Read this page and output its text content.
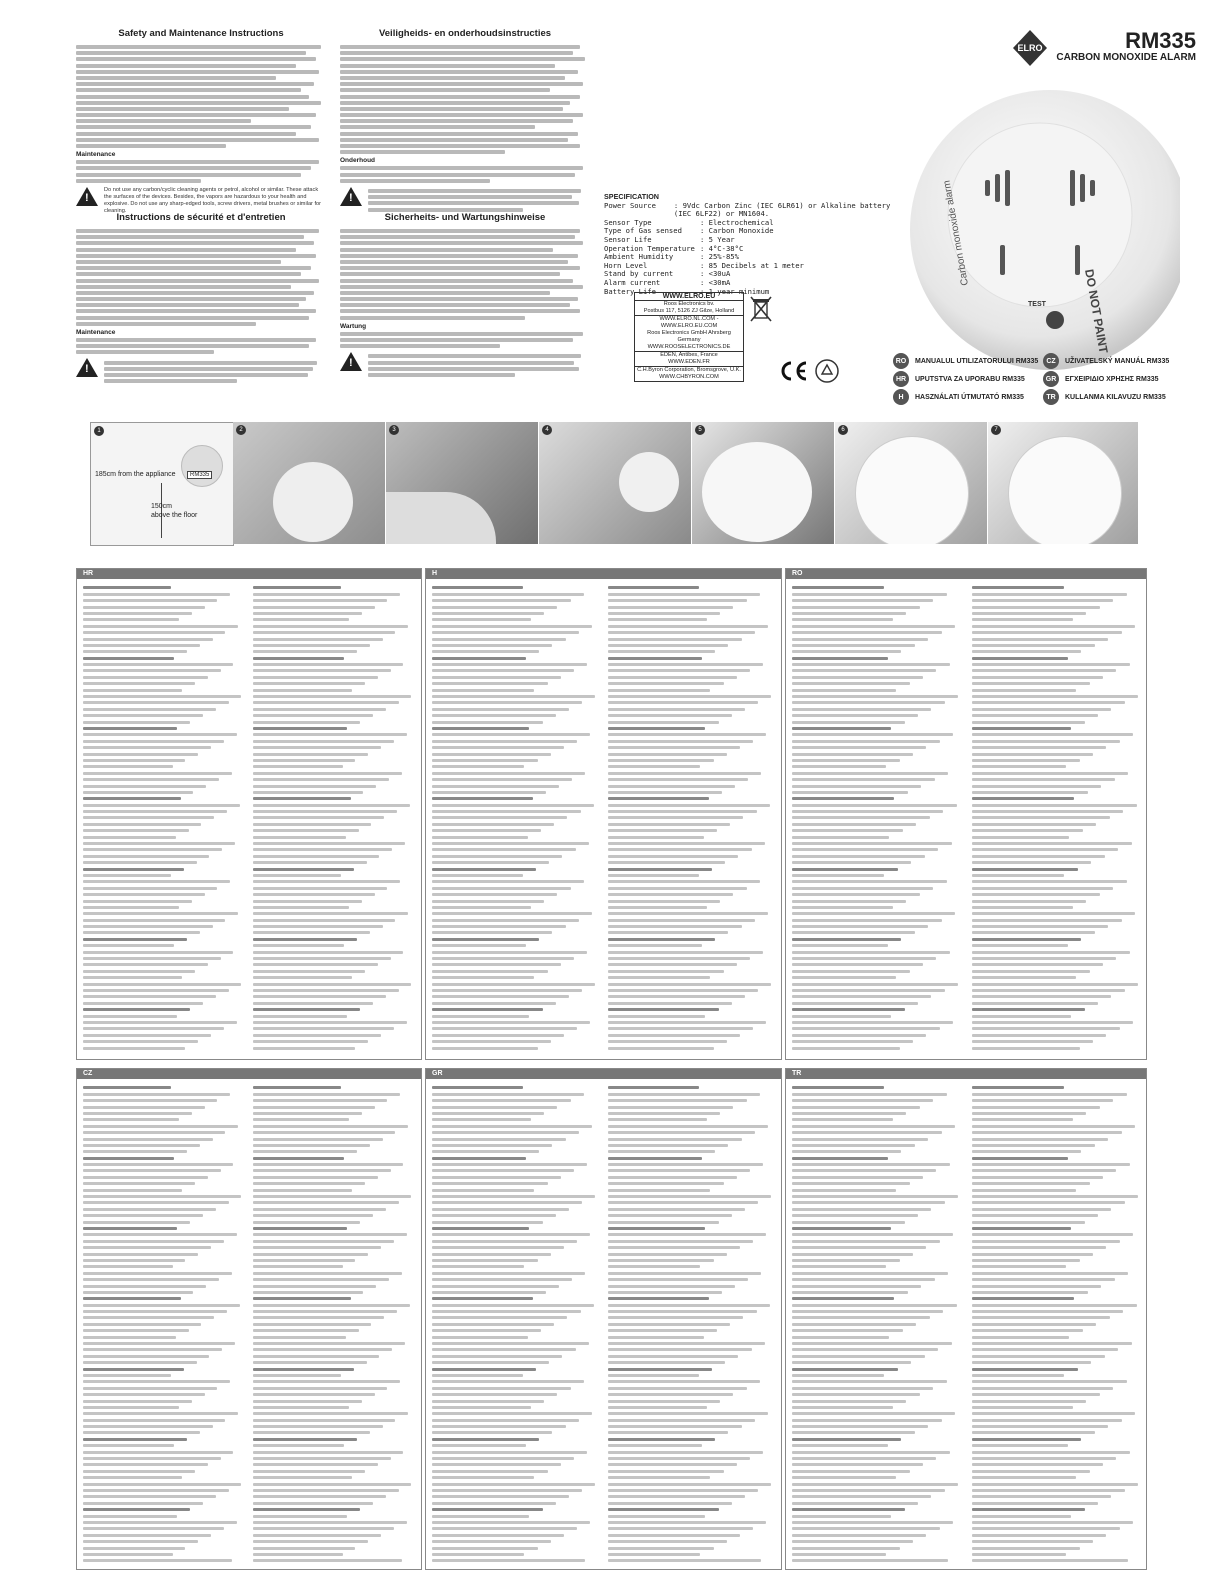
Safety and Maintenance Instructions
Maintenance
!
Do not use any carbon/cyclic cleaning agents or petrol, alcohol or similar. These attack the surfaces of the devices. Besides, the vapors are hazardous to your health and explosive. Do not use any sharp-edged tools, screw drivers, metal brushes or similar for cleaning.
Veiligheids- en onderhoudsinstructies
Onderhoud
!
Instructions de sécurité et d'entretien
Maintenance
!
Sicherheits- und Wartungshinweise
Wartung
!
ELRO	RM335
CARBON MONOXIDE ALARM
DO NOT PAINT
Carbon monoxide alarm
TEST
SPECIFICATION
Power Source	: 9Vdc Carbon Zinc (IEC 6LR61) or Alkaline battery (IEC 6LF22) or MN1604.
Sensor Type	: Electrochemical
Type of Gas sensed	: Carbon Monoxide
Sensor Life	: 5 Year
Operation Temperature : 4°C-38°C
Ambient Humidity	: 25%-85%
Horn Level	: 85 Decibels at 1 meter
Stand by current	: <30uA
Alarm current	: <30mA
Battery Life	: 1 year minimum
WWW.ELRO.EU
Roos Electronics bv.
Postbus 117, 5126 ZJ Gilze, Holland
WWW.ELRO.NL.COM - WWW.ELRO.EU.COM
Roos Electronics GmbH Ahrsberg Germany
WWW.ROOSELECTRONICS.DE
EDEN, Antibes, France
WWW.EDEN.FR
C.H.Byron Corporation, Bromsgrove, U.K.
WWW.CHBYRON.COM
RO	MANUALUL UTILIZATORULUI RM335	CZ	UŽIVATELSKÝ MANUÁL RM335
HR	UPUTSTVA ZA UPORABU RM335	GR	ΕΓΧΕΙΡΙΔΙΟ ΧΡΗΣΗΣ RM335
H	HASZNÁLATI ÚTMUTATÓ RM335	TR	KULLANMA KILAVUZU RM335
1
185cm from the appliance	RM335
150cm
above the floor
2	3	4	5	6	7
HR	H	RO
CZ	GR	TR
